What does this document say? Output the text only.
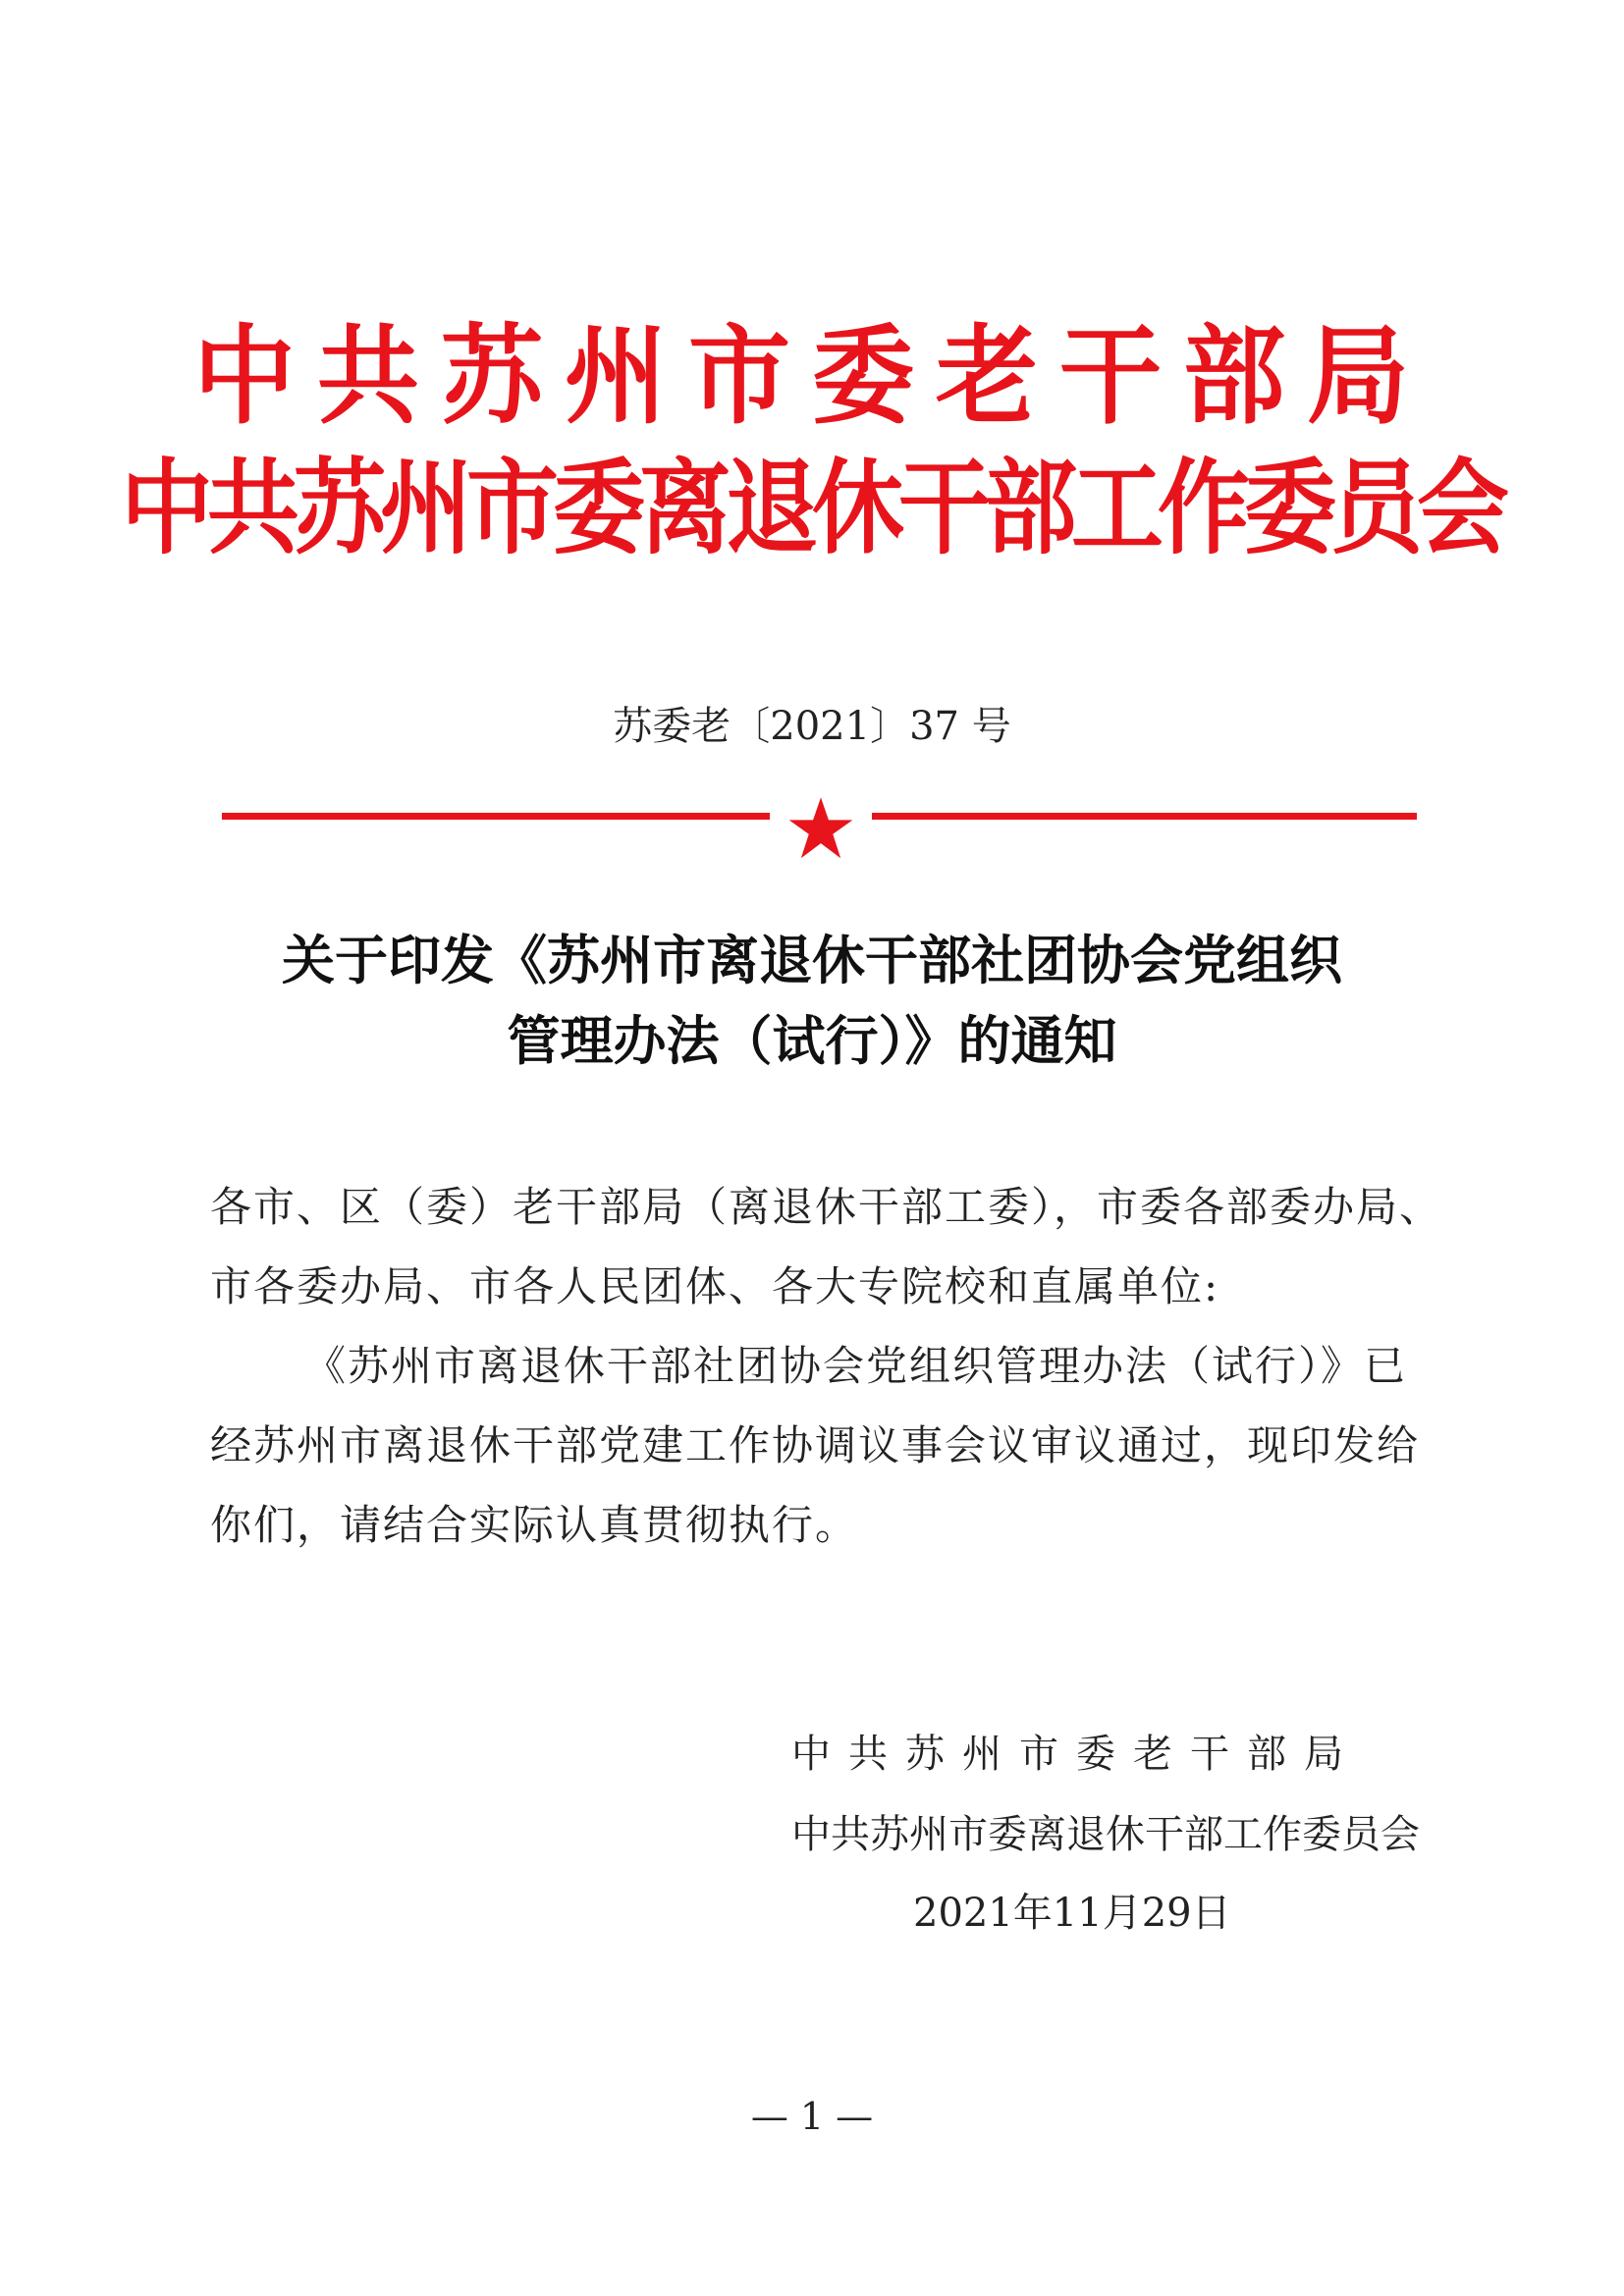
中共苏州市委老干部局
中共苏州市委离退休干部工作委员会
苏委老〔2021〕37 号
关于印发《苏州市离退休干部社团协会党组织
管理办法（试行）》的通知
各市、区（委）老干部局（离退休干部工委），市委各部委办局、
市各委办局、市各人民团体、各大专院校和直属单位:
《苏州市离退休干部社团协会党组织管理办法（试行）》已
经苏州市离退休干部党建工作协调议事会议审议通过，现印发给
你们，请结合实际认真贯彻执行。
中共苏州市委老干部局
中共苏州市委离退休干部工作委员会
2021年11月29日
— 1 —
